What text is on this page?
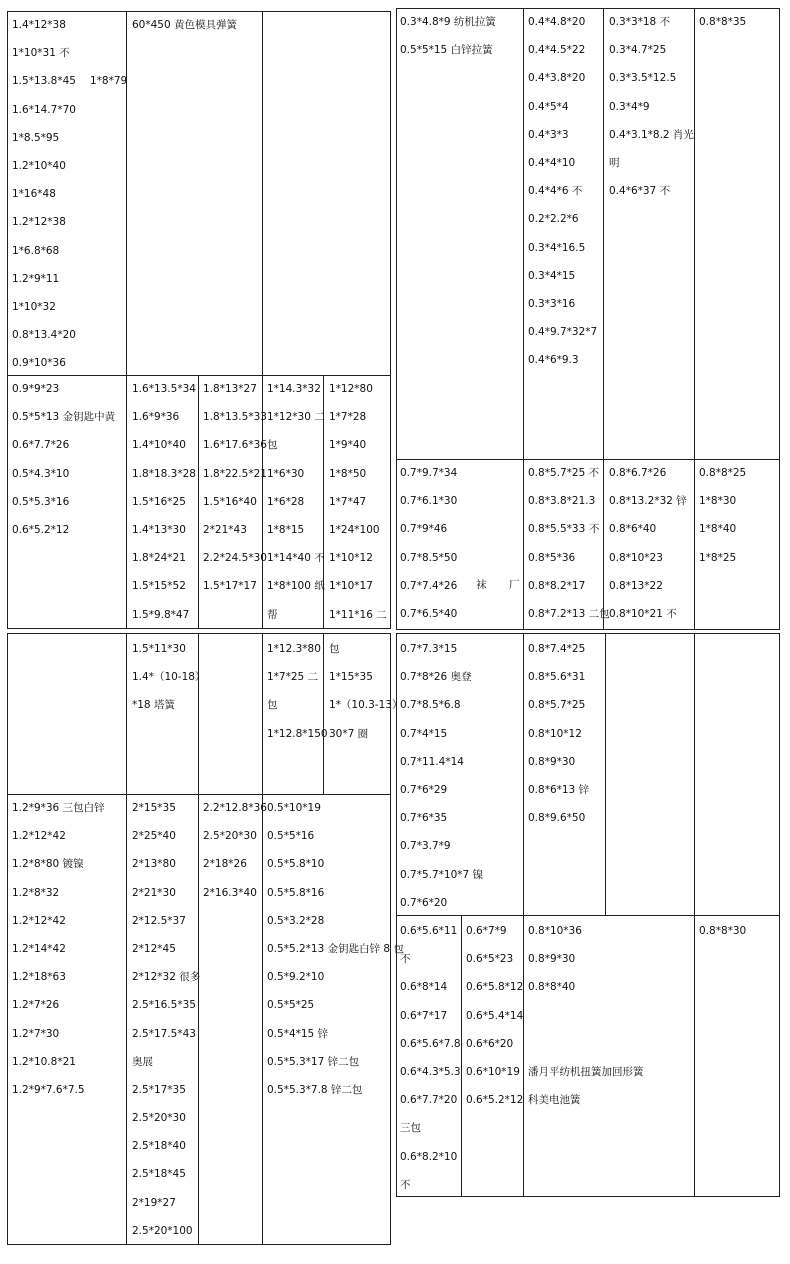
1.4*12*38
1*10*31 不
1.5*13.8*45 1*8*79
1.6*14.7*70
1*8.5*95
1.2*10*40
1*16*48
1.2*12*38
1*6.8*68
1.2*9*11
1*10*32
0.8*13.4*20
0.9*10*36
60*450 黄色模具弹簧
0.9*9*23
0.5*5*13 金钥匙中黄
0.6*7.7*26
0.5*4.3*10
0.5*5.3*16
0.6*5.2*12
1.6*13.5*34
1.6*9*36
1.4*10*40
1.8*18.3*28
1.5*16*25
1.4*13*30
1.8*24*21
1.5*15*52
1.5*9.8*47
1.8*13*27
1.8*13.5*33
1.6*17.6*36
1.8*22.5*21
1.5*16*40
2*21*43
2.2*24.5*30
1.5*17*17
1*14.3*32
1*12*30 二
包
1*6*30
1*6*28
1*8*15
1*14*40 不
1*8*100 纸
帮
1*12*80
1*7*28
1*9*40
1*8*50
1*7*47
1*24*100
1*10*12
1*10*17
1*11*16 二
0.3*4.8*9 纺机拉簧
0.5*5*15 白锌拉簧
0.4*4.8*20
0.4*4.5*22
0.4*3.8*20
0.4*5*4
0.4*3*3
0.4*4*10
0.4*4*6 不
0.2*2.2*6
0.3*4*16.5
0.3*4*15
0.3*3*16
0.4*9.7*32*7
0.4*6*9.3
0.3*3*18 不
0.3*4.7*25
0.3*3.5*12.5
0.3*4*9
0.4*3.1*8.2 肖光
明
0.4*6*37 不
0.8*8*35
0.7*9.7*34
0.7*6.1*30
0.7*9*46
0.7*8.5*50
0.7*7.4*26
0.7*6.5*40
袜 厂
0.8*5.7*25 不
0.8*3.8*21.3
0.8*5.5*33
0.8*5*36
0.8*8.2*17
0.8*7.2*13 二包
不
0.8*6.7*26
0.8*13.2*32 锌
0.8*6*40
0.8*10*23
0.8*13*22
0.8*10*21 不
0.8*8*25
1*8*30
1*8*40
1*8*25
1.5*11*30
1.4*（10-18）
*18 塔簧
1*12.3*80
1*7*25 二
包
1*12.8*150
包
1*15*35
1*（10.3-13）
30*7 圈
1.2*9*36 三包白锌
1.2*12*42
1.2*8*80 镀镍
1.2*8*32
1.2*12*42
1.2*14*42
1.2*18*63
1.2*7*26
1.2*7*30
1.2*10.8*21
1.2*9*7.6*7.5
2*15*35
2*25*40
2*13*80
2*21*30
2*12.5*37
2*12*45
2*12*32 很多
2.5*16.5*35
2.5*17.5*43
奥展
2.5*17*35
2.5*20*30
2.5*18*40
2.5*18*45
2*19*27
2.5*20*100
2.2*12.8*36
2.5*20*30
2*18*26
2*16.3*40
0.5*10*19
0.5*5*16
0.5*5.8*10
0.5*5.8*16
0.5*3.2*28
0.5*5.2*13 金钥匙白锌 8 包
0.5*9.2*10
0.5*5*25
0.5*4*15 锌
0.5*5.3*17 锌二包
0.5*5.3*7.8 锌二包
0.7*7.3*15
0.7*8*26 奥登
0.7*8.5*6.8
0.7*4*15
0.7*11.4*14
0.7*6*29
0.7*6*35
0.7*3.7*9
0.7*5.7*10*7 镍
0.7*6*20
0.8*7.4*25
0.8*5.6*31
0.8*5.7*25
0.8*10*12
0.8*9*30
0.8*6*13 锌
0.8*9.6*50
0.6*5.6*11
不
0.6*8*14
0.6*7*17
0.6*5.6*7.8
0.6*4.3*5.3
0.6*7.7*20
三包
0.6*8.2*10
不
0.6*7*9
0.6*5*23
0.6*5.8*12
0.6*5.4*14
0.6*6*20
0.6*10*19
0.6*5.2*12
0.8*10*36
0.8*9*30
0.8*8*40
潘月平纺机扭簧加回形簧
科美电池簧
0.8*8*30
